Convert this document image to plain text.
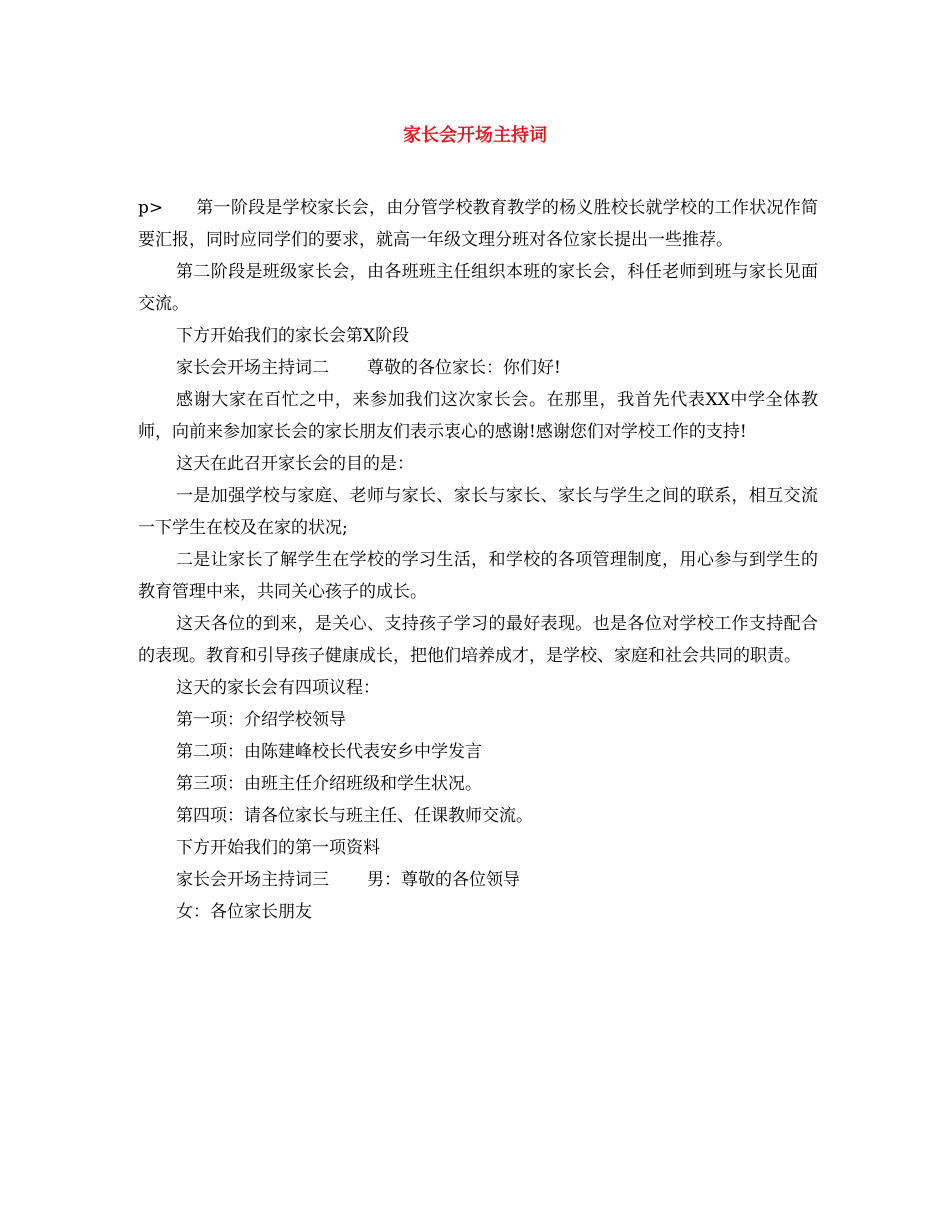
家长会开场主持词

p> 第一阶段是学校家长会，由分管学校教育教学的杨义胜校长就学校的工作状况作简要汇报，同时应同学们的要求，就高一年级文理分班对各位家长提出一些推荐。

第二阶段是班级家长会，由各班班主任组织本班的家长会，科任老师到班与家长见面交流。

下方开始我们的家长会第X阶段

家长会开场主持词二 尊敬的各位家长：你们好!

感谢大家在百忙之中，来参加我们这次家长会。在那里，我首先代表XX中学全体教师，向前来参加家长会的家长朋友们表示衷心的感谢!感谢您们对学校工作的支持!

这天在此召开家长会的目的是：

一是加强学校与家庭、老师与家长、家长与家长、家长与学生之间的联系，相互交流一下学生在校及在家的状况;

二是让家长了解学生在学校的学习生活，和学校的各项管理制度，用心参与到学生的教育管理中来，共同关心孩子的成长。

这天各位的到来，是关心、支持孩子学习的最好表现。也是各位对学校工作支持配合的表现。教育和引导孩子健康成长，把他们培养成才，是学校、家庭和社会共同的职责。

这天的家长会有四项议程：

第一项：介绍学校领导

第二项：由陈建峰校长代表安乡中学发言

第三项：由班主任介绍班级和学生状况。

第四项：请各位家长与班主任、任课教师交流。

下方开始我们的第一项资料

家长会开场主持词三 男：尊敬的各位领导

女：各位家长朋友
